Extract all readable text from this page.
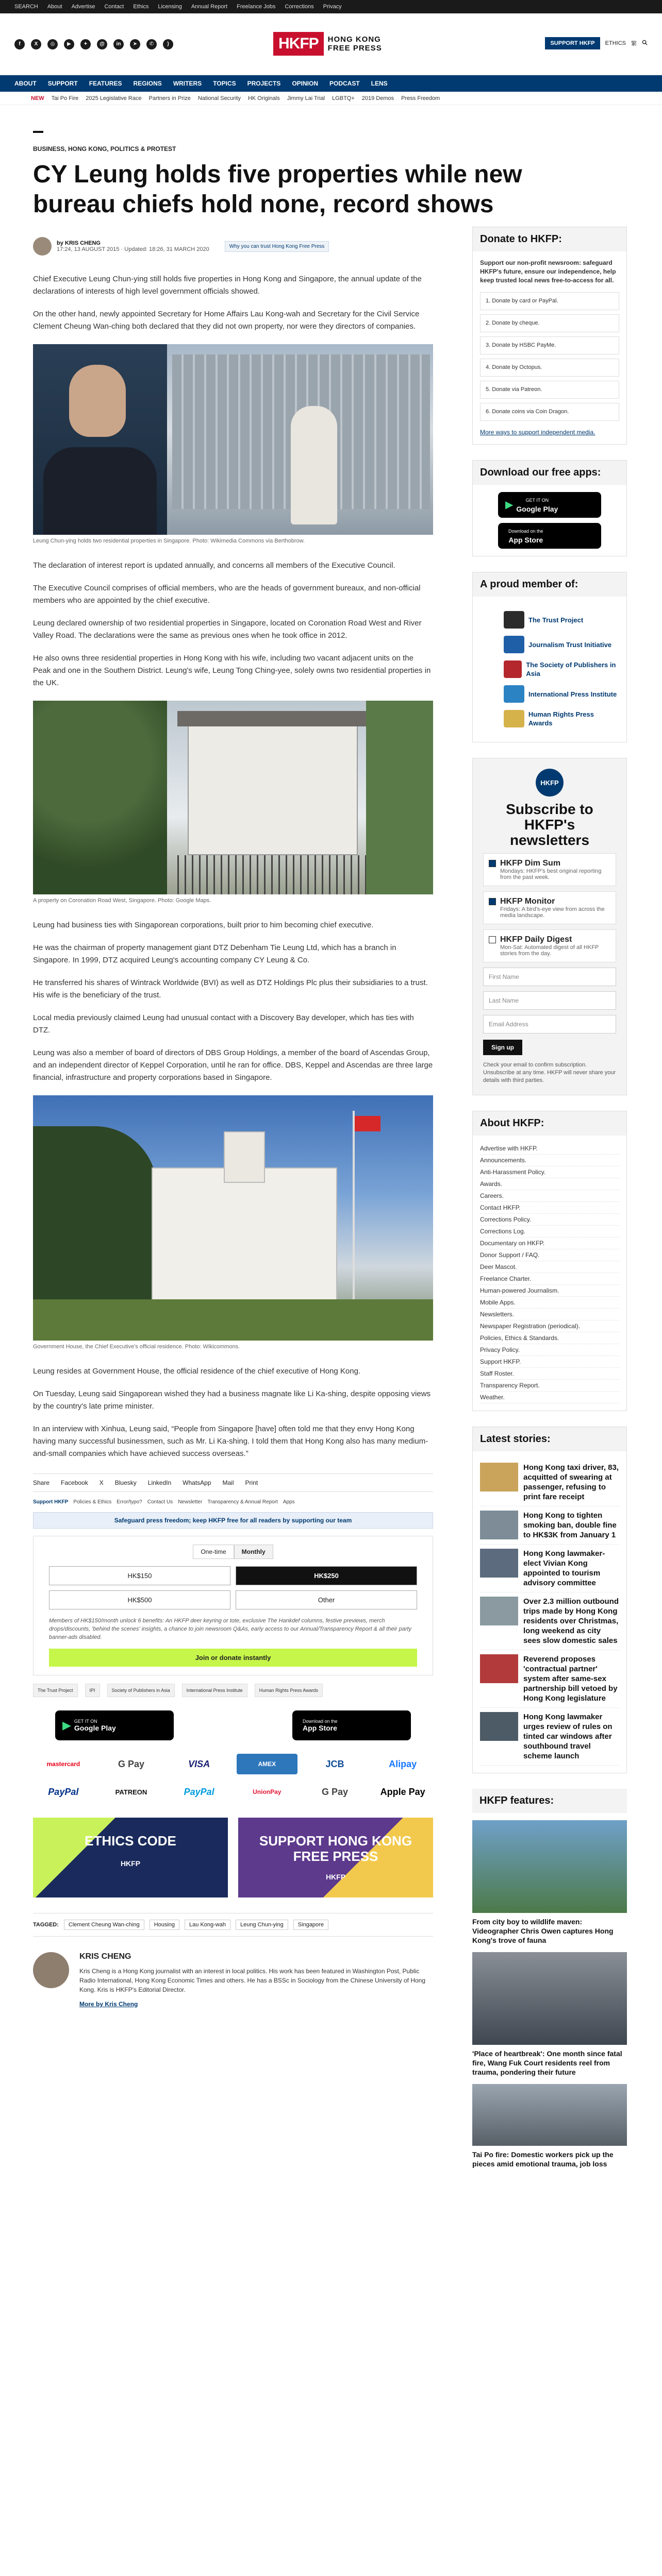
SEARCH About Advertise Contact Ethics Licensing Annual Report Freelance Jobs Corrections Privacy
f	X	◎	▶	✦	@	in	➤	✆	)	HKFP	HONG KONG
FREE PRESS
SUPPORT HKFP	ETHICS 繁
ABOUT SUPPORT FEATURES REGIONS WRITERS TOPICS PROJECTS OPINION PODCAST LENS
NEW Tai Po Fire 2025 Legislative Race Partners in Prize National Security HK Originals Jimmy Lai Trial LGBTQ+ 2019 Demos Press Freedom
BUSINESS, HONG KONG, POLITICS & PROTEST
CY Leung holds five properties while new bureau chiefs hold none, record shows
by KRIS CHENG
17:24, 13 AUGUST 2015 · Updated: 18:26, 31 MARCH 2020	Why you can trust Hong Kong Free Press

Chief Executive Leung Chun-ying still holds five properties in Hong Kong and Singapore, the annual update of the declarations of interests of high level government officials showed.

On the other hand, newly appointed Secretary for Home Affairs Lau Kong-wah and Secretary for the Civil Service Clement Cheung Wan-ching both declared that they did not own property, nor were they directors of companies.

Leung Chun-ying holds two residential properties in Singapore. Photo: Wikimedia Commons via Berthobrow.

The declaration of interest report is updated annually, and concerns all members of the Executive Council.

The Executive Council comprises of official members, who are the heads of government bureaux, and non-official members who are appointed by the chief executive.

Leung declared ownership of two residential properties in Singapore, located on Coronation Road West and River Valley Road. The declarations were the same as previous ones when he took office in 2012.

He also owns three residential properties in Hong Kong with his wife, including two vacant adjacent units on the Peak and one in the Southern District. Leung's wife, Leung Tong Ching-yee, solely owns two residential properties in the UK.

A property on Coronation Road West, Singapore. Photo: Google Maps.

Leung had business ties with Singaporean corporations, built prior to him becoming chief executive.

He was the chairman of property management giant DTZ Debenham Tie Leung Ltd, which has a branch in Singapore. In 1999, DTZ acquired Leung's accounting company CY Leung & Co.

He transferred his shares of Wintrack Worldwide (BVI) as well as DTZ Holdings Plc plus their subsidiaries to a trust. His wife is the beneficiary of the trust.

Local media previously claimed Leung had unusual contact with a Discovery Bay developer, which has ties with DTZ.

Leung was also a member of board of directors of DBS Group Holdings, a member of the board of Ascendas Group, and an independent director of Keppel Corporation, until he ran for office. DBS, Keppel and Ascendas are three large financial, infrastructure and property corporations based in Singapore.

Government House, the Chief Executive's official residence. Photo: Wikicommons.

Leung resides at Government House, the official residence of the chief executive of Hong Kong.

On Tuesday, Leung said Singaporean wished they had a business magnate like Li Ka-shing, despite opposing views by the country's late prime minister.

In an interview with Xinhua, Leung said, “People from Singapore [have] often told me that they envy Hong Kong having many successful businessmen, such as Mr. Li Ka-shing. I told them that Hong Kong also has many medium-and-small companies which have achieved success overseas.”

Share Facebook X Bluesky LinkedIn WhatsApp Mail Print
Support HKFP Policies & Ethics Error/typo? Contact Us Newsletter Transparency & Annual Report Apps
Safeguard press freedom; keep HKFP free for all readers by supporting our team
One-time	Monthly
HK$150	HK$250
HK$500	Other
Members of HK$150/month unlock 6 benefits: An HKFP deer keyring or tote, exclusive The Hankdef columns, festive previews, merch drops/discounts, 'behind the scenes' insights, a chance to join newsroom Q&As, early access to our Annual/Transparency Report & all their party banner-ads disabled.
Join or donate instantly
The Trust Project	IPI	Society of Publishers in Asia	International Press Institute	Human Rights Press Awards
▶ GET IT ON
Google Play
Download on the
App Store
mastercard	G Pay	VISA	AMEX	JCB	Alipay
PayPal	PATREON	PayPal	UnionPay	G Pay	Apple Pay
ETHICS CODE
HKFP
SUPPORT HONG KONG FREE PRESS
HKFP
TAGGED:	Clement Cheung Wan-ching	Housing	Lau Kong-wah	Leung Chun-ying	Singapore
KRIS CHENG

Kris Cheng is a Hong Kong journalist with an interest in local politics. His work has been featured in Washington Post, Public Radio International, Hong Kong Economic Times and others. He has a BSSc in Sociology from the Chinese University of Hong Kong. Kris is HKFP's Editorial Director.

More by Kris Cheng

Donate to HKFP:
Support our non-profit newsroom: safeguard HKFP's future, ensure our independence, help keep trusted local news free-to-access for all.
1. Donate by card or PayPal.
2. Donate by cheque.
3. Donate by HSBC PayMe.
4. Donate by Octopus.
5. Donate via Patreon.
6. Donate coins via Coin Dragon.
More ways to support independent media.
Download our free apps:
▶	GET IT ON
Google Play

Download on the
App Store
A proud member of:
The Trust Project
Journalism Trust Initiative
The Society of Publishers in Asia
International Press Institute
Human Rights Press Awards
HKFP
Subscribe to HKFP's newsletters
HKFP Dim Sum
Mondays: HKFP's best original reporting from the past week.
HKFP Monitor
Fridays: A bird's-eye view from across the media landscape.
HKFP Daily Digest
Mon-Sat: Automated digest of all HKFP stories from the day.
First Name
Last Name
Email Address
Sign up
Check your email to confirm subscription. Unsubscribe at any time. HKFP will never share your details with third parties.
About HKFP:
Advertise with HKFP.
Announcements.
Anti-Harassment Policy.
Awards.
Careers.
Contact HKFP.
Corrections Policy.
Corrections Log.
Documentary on HKFP.
Donor Support / FAQ.
Deer Mascot.
Freelance Charter.
Human-powered Journalism.
Mobile Apps.
Newsletters.
Newspaper Registration (periodical).
Policies, Ethics & Standards.
Privacy Policy.
Support HKFP.
Staff Roster.
Transparency Report.
Weather.
Latest stories:
Hong Kong taxi driver, 83, acquitted of swearing at passenger, refusing to print fare receipt
Hong Kong to tighten smoking ban, double fine to HK$3K from January 1
Hong Kong lawmaker-elect Vivian Kong appointed to tourism advisory committee
Over 2.3 million outbound trips made by Hong Kong residents over Christmas, long weekend as city sees slow domestic sales
Reverend proposes 'contractual partner' system after same-sex partnership bill vetoed by Hong Kong legislature
Hong Kong lawmaker urges review of rules on tinted car windows after southbound travel scheme launch
HKFP features:
From city boy to wildlife maven: Videographer Chris Owen captures Hong Kong's trove of fauna
'Place of heartbreak': One month since fatal fire, Wang Fuk Court residents reel from trauma, pondering their future
Tai Po fire: Domestic workers pick up the pieces amid emotional trauma, job loss
